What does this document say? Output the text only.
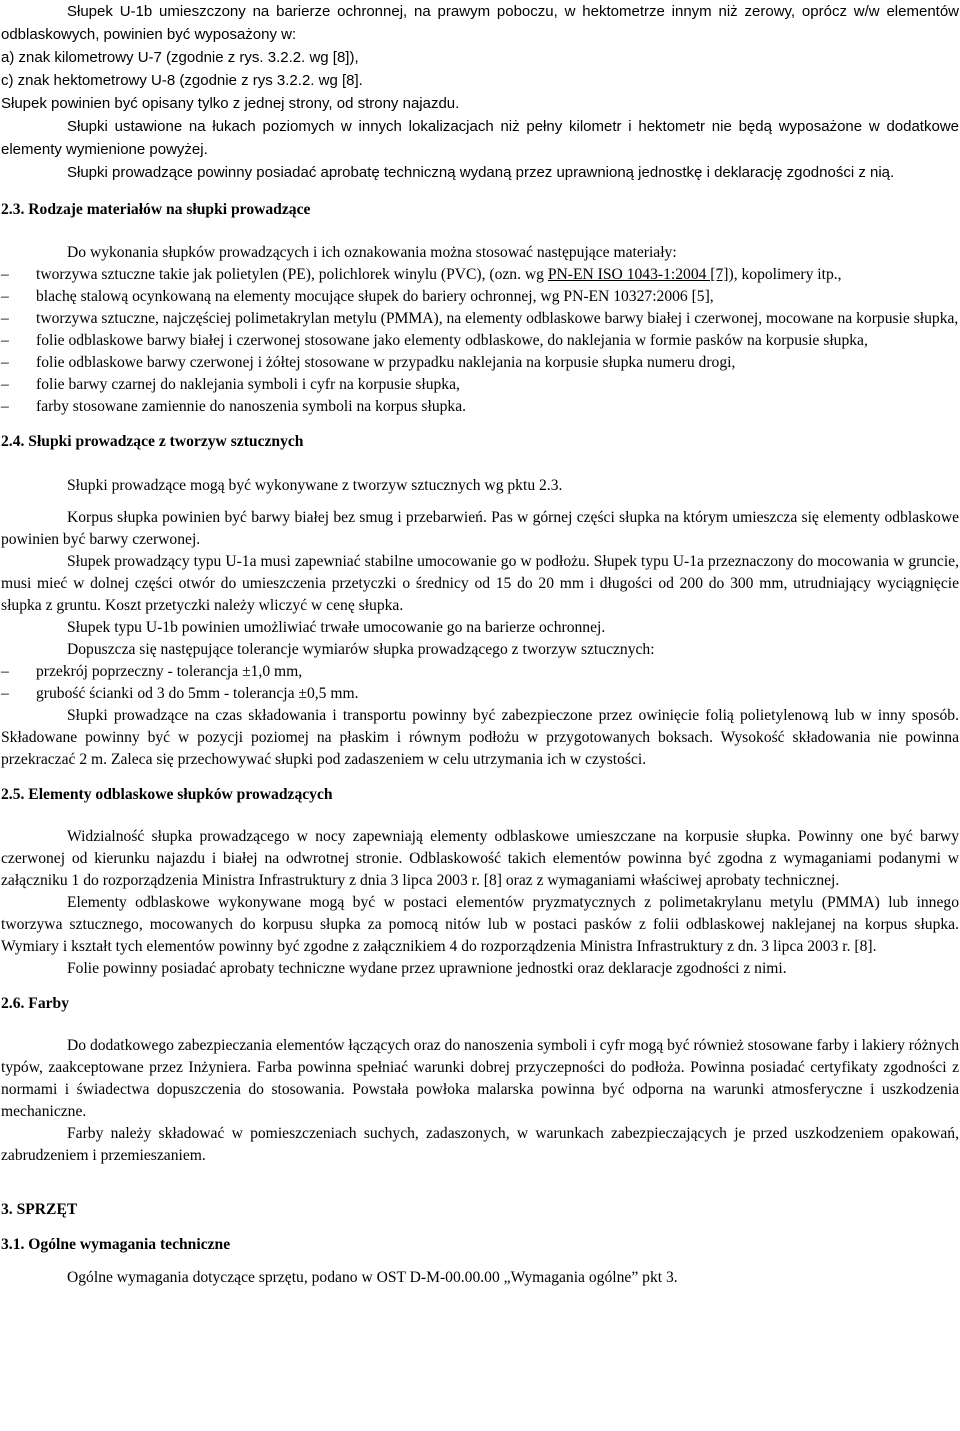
Słupek U-1b umieszczony na barierze ochronnej, na prawym poboczu, w hektometrze innym niż zerowy, oprócz w/w elementów odblaskowych, powinien być wyposażony w:

a) znak kilometrowy U-7 (zgodnie z rys. 3.2.2. wg [8]),

c) znak hektometrowy U-8 (zgodnie z rys 3.2.2. wg [8].

Słupek powinien być opisany tylko z jednej strony, od strony najazdu.

Słupki ustawione na łukach poziomych w innych lokalizacjach niż pełny kilometr i hektometr nie będą wyposażone w dodatkowe elementy wymienione powyżej.

Słupki prowadzące powinny posiadać aprobatę techniczną wydaną przez uprawnioną jednostkę i deklarację zgodności z nią.

2.3. Rodzaje materiałów na słupki prowadzące

Do wykonania słupków prowadzących i ich oznakowania można stosować następujące materiały:

– tworzywa sztuczne takie jak polietylen (PE), polichlorek winylu (PVC), (ozn. wg PN-EN ISO 1043-1:2004 [7]), kopolimery itp.,

– blachę stalową ocynkowaną na elementy mocujące słupek do bariery ochronnej, wg PN-EN 10327:2006 [5],

– tworzywa sztuczne, najczęściej polimetakrylan metylu (PMMA), na elementy odblaskowe barwy białej i czerwonej, mocowane na korpusie słupka,

– folie odblaskowe barwy białej i czerwonej stosowane jako elementy odblaskowe, do naklejania w formie pasków na korpusie słupka,

– folie odblaskowe barwy czerwonej i żółtej stosowane w przypadku naklejania na korpusie słupka numeru drogi,

– folie barwy czarnej do naklejania symboli i cyfr na korpusie słupka,

– farby stosowane zamiennie do nanoszenia symboli na korpus słupka.

2.4. Słupki prowadzące z tworzyw sztucznych

Słupki prowadzące mogą być wykonywane z tworzyw sztucznych wg pktu 2.3.

Korpus słupka powinien być barwy białej bez smug i przebarwień. Pas w górnej części słupka na którym umieszcza się elementy odblaskowe powinien być barwy czerwonej.

Słupek prowadzący typu U-1a musi zapewniać stabilne umocowanie go w podłożu. Słupek typu U-1a przeznaczony do mocowania w gruncie, musi mieć w dolnej części otwór do umieszczenia przetyczki o średnicy od 15 do 20 mm i długości od 200 do 300 mm, utrudniający wyciągnięcie słupka z gruntu. Koszt przetyczki należy wliczyć w cenę słupka.

Słupek typu U-1b powinien umożliwiać trwałe umocowanie go na barierze ochronnej.

Dopuszcza się następujące tolerancje wymiarów słupka prowadzącego z tworzyw sztucznych:

– przekrój poprzeczny - tolerancja ±1,0 mm,

– grubość ścianki od 3 do 5mm - tolerancja ±0,5 mm.

Słupki prowadzące na czas składowania i transportu powinny być zabezpieczone przez owinięcie folią polietylenową lub w inny sposób. Składowane powinny być w pozycji poziomej na płaskim i równym podłożu w przygotowanych boksach. Wysokość składowania nie powinna przekraczać 2 m. Zaleca się przechowywać słupki pod zadaszeniem w celu utrzymania ich w czystości.

2.5. Elementy odblaskowe słupków prowadzących

Widzialność słupka prowadzącego w nocy zapewniają elementy odblaskowe umieszczane na korpusie słupka. Powinny one być barwy czerwonej od kierunku najazdu i białej na odwrotnej stronie. Odblaskowość takich elementów powinna być zgodna z wymaganiami podanymi w załączniku 1 do rozporządzenia Ministra Infrastruktury z dnia 3 lipca 2003 r. [8] oraz z wymaganiami właściwej aprobaty technicznej.

Elementy odblaskowe wykonywane mogą być w postaci elementów pryzmatycznych z polimetakrylanu metylu (PMMA) lub innego tworzywa sztucznego, mocowanych do korpusu słupka za pomocą nitów lub w postaci pasków z folii odblaskowej naklejanej na korpus słupka. Wymiary i kształt tych elementów powinny być zgodne z załącznikiem 4 do rozporządzenia Ministra Infrastruktury z dn. 3 lipca 2003 r. [8].

Folie powinny posiadać aprobaty techniczne wydane przez uprawnione jednostki oraz deklaracje zgodności z nimi.

2.6. Farby

Do dodatkowego zabezpieczania elementów łączących oraz do nanoszenia symboli i cyfr mogą być również stosowane farby i lakiery różnych typów, zaakceptowane przez Inżyniera. Farba powinna spełniać warunki dobrej przyczepności do podłoża. Powinna posiadać certyfikaty zgodności z normami i świadectwa dopuszczenia do stosowania. Powstała powłoka malarska powinna być odporna na warunki atmosferyczne i uszkodzenia mechaniczne.

Farby należy składować w pomieszczeniach suchych, zadaszonych, w warunkach zabezpieczających je przed uszkodzeniem opakowań, zabrudzeniem i przemieszaniem.

3. SPRZĘT

3.1. Ogólne wymagania techniczne

Ogólne wymagania dotyczące sprzętu, podano w OST D-M-00.00.00 „Wymagania ogólne” pkt 3.
